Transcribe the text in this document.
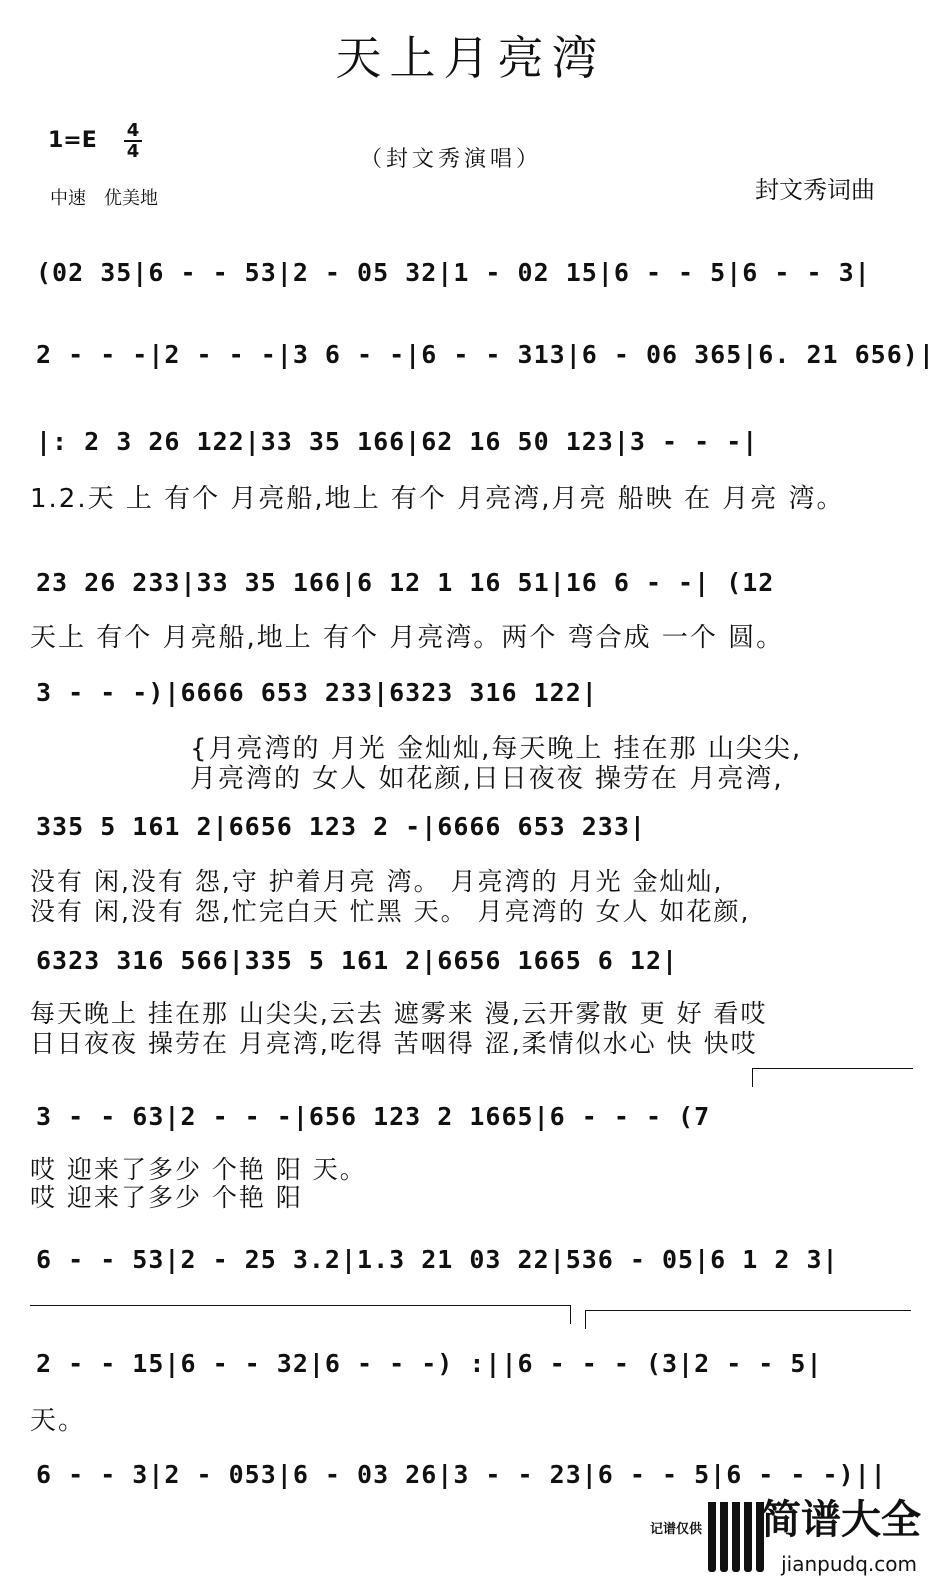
天上月亮湾
1=E 4
4	（封文秀演唱）
中速　优美地	封文秀词曲
(02 35|6 - - 53|2 - 05 32|1 - 02 15|6 - - 5|6 - - 3|
2 - - -|2 - - -|3 6 - -|6 - - 313|6 - 06 365|6. 21 656)|
|: 2 3 26 122|33 35 166|62 16 50 123|3 - - -|
1.2.天 上 有个 月亮船,地上 有个 月亮湾,月亮 船映 在 月亮 湾。
23 26 233|33 35 166|6 12 1 16 51|16 6 - -| (12
天上 有个 月亮船,地上 有个 月亮湾。两个 弯合成 一个 圆。
3 - - -)|6666 653 233|6323 316 122|
{月亮湾的 月光 金灿灿,每天晚上 挂在那 山尖尖,
月亮湾的 女人 如花颜,日日夜夜 操劳在 月亮湾,
335 5 161 2|6656 123 2 -|6666 653 233|
没有 闲,没有 怨,守 护着月亮 湾。 月亮湾的 月光 金灿灿,
没有 闲,没有 怨,忙完白天 忙黑 天。 月亮湾的 女人 如花颜,
6323 316 566|335 5 161 2|6656 1665 6 12|
每天晚上 挂在那 山尖尖,云去 遮雾来 漫,云开雾散 更 好 看哎
日日夜夜 操劳在 月亮湾,吃得 苦咽得 涩,柔情似水心 快 快哎
3 - - 63|2 - - -|656 123 2 1665|6 - - - (7
哎 迎来了多少 个艳 阳 天。
哎 迎来了多少 个艳 阳
6 - - 53|2 - 25 3.2|1.3 21 03 22|536 - 05|6 1 2 3|
2 - - 15|6 - - 32|6 - - -) :||6 - - - (3|2 - - 5|
天。
6 - - 3|2 - 053|6 - 03 26|3 - - 23|6 - - 5|6 - - -)||
记谱仅供 简谱大全
jianpudq.com
